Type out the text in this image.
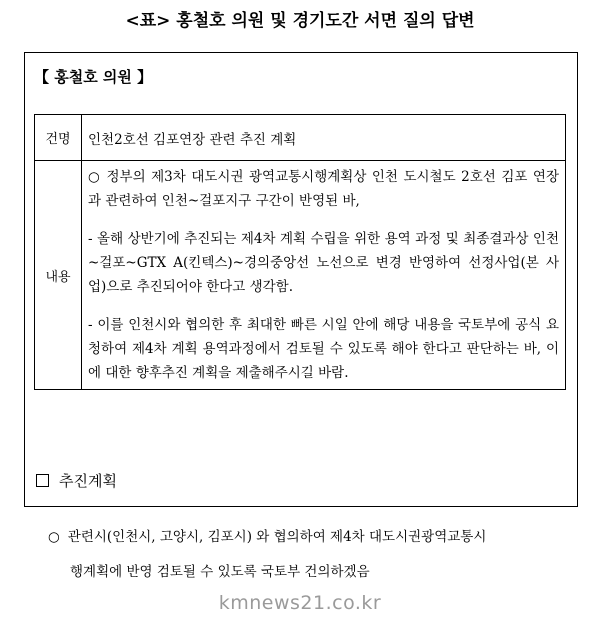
<표> 홍철호 의원 및 경기도간 서면 질의 답변
【 홍철호 의원 】
건명	인천2호선 김포연장 관련 추진 계획
내용	○ 정부의 제3차 대도시권 광역교통시행계획상 인천 도시철도 2호선 김포 연장과 관련하여 인천~걸포지구 구간이 반영된 바,

- 올해 상반기에 추진되는 제4차 계획 수립을 위한 용역 과정 및 최종결과상 인천~걸포~GTX A(킨텍스)~경의중앙선 노선으로 변경 반영하여 선정사업(본 사업)으로 추진되어야 한다고 생각함.

- 이를 인천시와 협의한 후 최대한 빠른 시일 안에 해당 내용을 국토부에 공식 요청하여 제4차 계획 용역과정에서 검토될 수 있도록 해야 한다고 판단하는 바, 이에 대한 향후추진 계획을 제출해주시길 바람.

추진계획
○ 관련시(인천시, 고양시, 김포시) 와 협의하여 제4차 대도시권광역교통시
행계획에 반영 검토될 수 있도록 국토부 건의하겠음
kmnews21.co.kr
